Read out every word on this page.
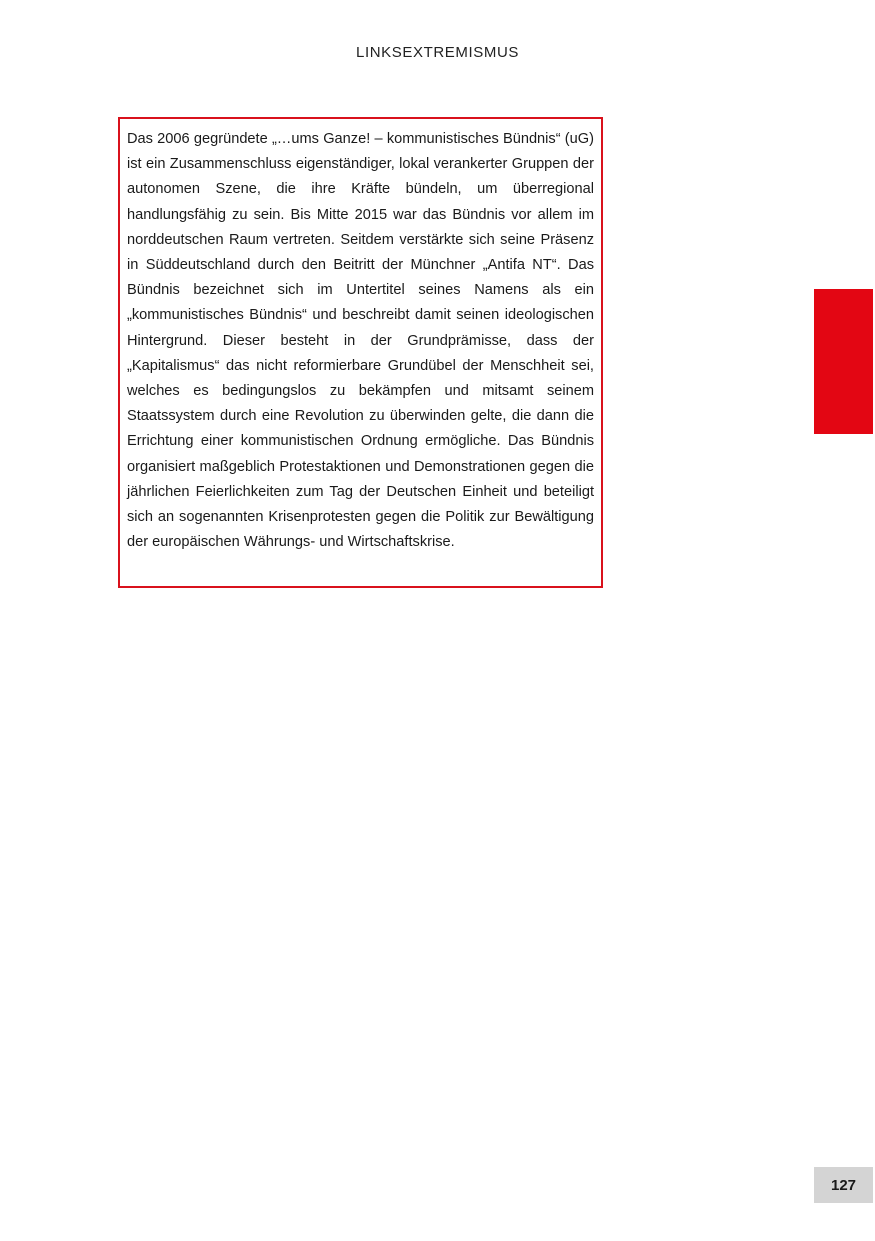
LINKSEXTREMISMUS

Das 2006 gegründete „…ums Ganze! – kommunistisches Bündnis“ (uG) ist ein Zusammenschluss eigenständiger, lokal verankerter Gruppen der autonomen Szene, die ihre Kräfte bündeln, um überregional handlungsfähig zu sein. Bis Mitte 2015 war das Bündnis vor allem im norddeutschen Raum vertreten. Seitdem verstärkte sich seine Präsenz in Süddeutschland durch den Beitritt der Münchner „Antifa NT“. Das Bündnis bezeichnet sich im Untertitel seines Namens als ein „kommunistisches Bündnis“ und beschreibt damit seinen ideologischen Hintergrund. Dieser besteht in der Grundprämisse, dass der „Kapitalismus“ das nicht reformierbare Grundübel der Menschheit sei, welches es bedingungslos zu bekämpfen und mitsamt seinem Staatssystem durch eine Revolution zu überwinden gelte, die dann die Errichtung einer kommunistischen Ordnung ermögliche. Das Bündnis organisiert maßgeblich Protestaktionen und Demonstrationen gegen die jährlichen Feierlichkeiten zum Tag der Deutschen Einheit und beteiligt sich an sogenannten Krisenprotesten gegen die Politik zur Bewältigung der europäischen Währungs- und Wirtschaftskrise.

127
